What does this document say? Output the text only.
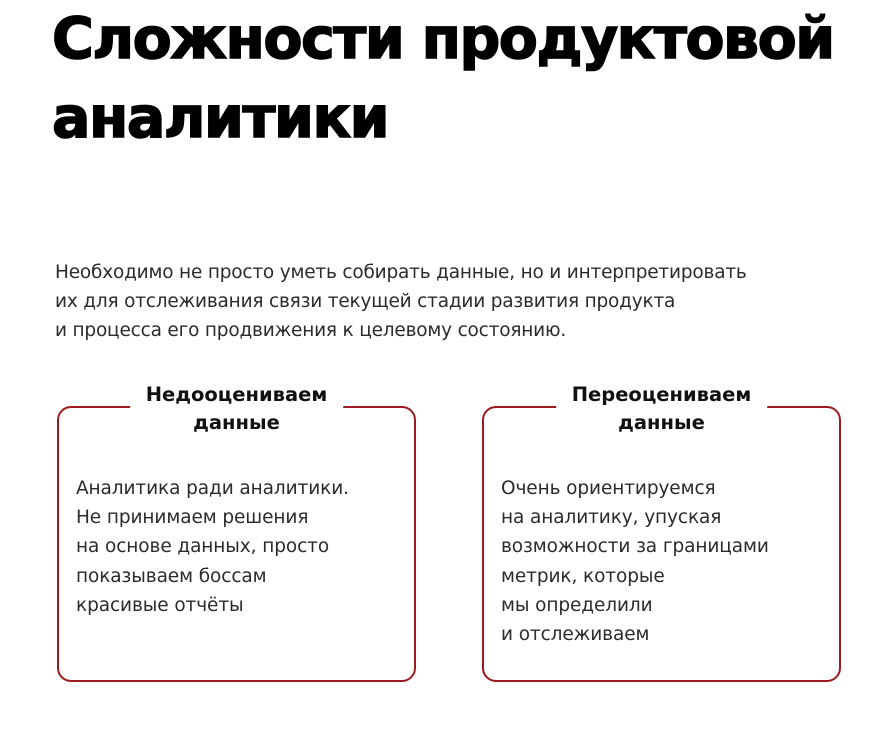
Сложности продуктовой
аналитики

Необходимо не просто уметь собирать данные, но и интерпретировать
их для отслеживания связи текущей стадии развития продукта
и процесса его продвижения к целевому состоянию.

Недооцениваем
данные
Аналитика ради аналитики.
Не принимаем решения
на основе данных, просто
показываем боссам
красивые отчёты
Переоцениваем
данные
Очень ориентируемся
на аналитику, упуская
возможности за границами
метрик, которые
мы определили
и отслеживаем
